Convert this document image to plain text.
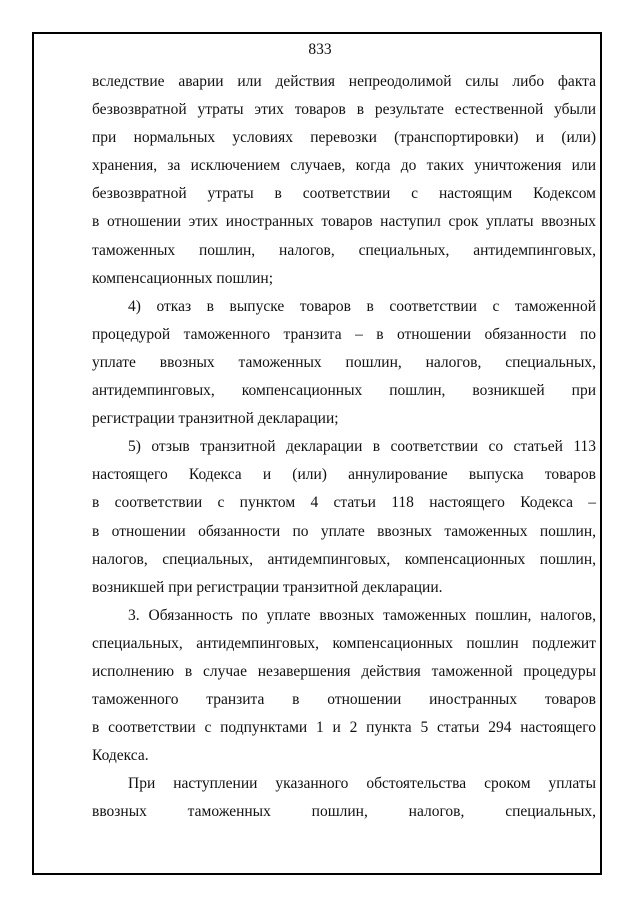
833
вследствие аварии или действия непреодолимой силы либо факта
безвозвратной утраты этих товаров в результате естественной убыли
при нормальных условиях перевозки (транспортировки) и (или)
хранения, за исключением случаев, когда до таких уничтожения или
безвозвратной утраты в соответствии с настоящим Кодексом
в отношении этих иностранных товаров наступил срок уплаты ввозных
таможенных пошлин, налогов, специальных, антидемпинговых,
компенсационных пошлин;
4) отказ в выпуске товаров в соответствии с таможенной
процедурой таможенного транзита – в отношении обязанности по
уплате ввозных таможенных пошлин, налогов, специальных,
антидемпинговых, компенсационных пошлин, возникшей при
регистрации транзитной декларации;
5) отзыв транзитной декларации в соответствии со статьей 113
настоящего Кодекса и (или) аннулирование выпуска товаров
в соответствии с пунктом 4 статьи 118 настоящего Кодекса –
в отношении обязанности по уплате ввозных таможенных пошлин,
налогов, специальных, антидемпинговых, компенсационных пошлин,
возникшей при регистрации транзитной декларации.
3. Обязанность по уплате ввозных таможенных пошлин, налогов,
специальных, антидемпинговых, компенсационных пошлин подлежит
исполнению в случае незавершения действия таможенной процедуры
таможенного транзита в отношении иностранных товаров
в соответствии с подпунктами 1 и 2 пункта 5 статьи 294 настоящего
Кодекса.
При наступлении указанного обстоятельства сроком уплаты
ввозных таможенных пошлин, налогов, специальных,
